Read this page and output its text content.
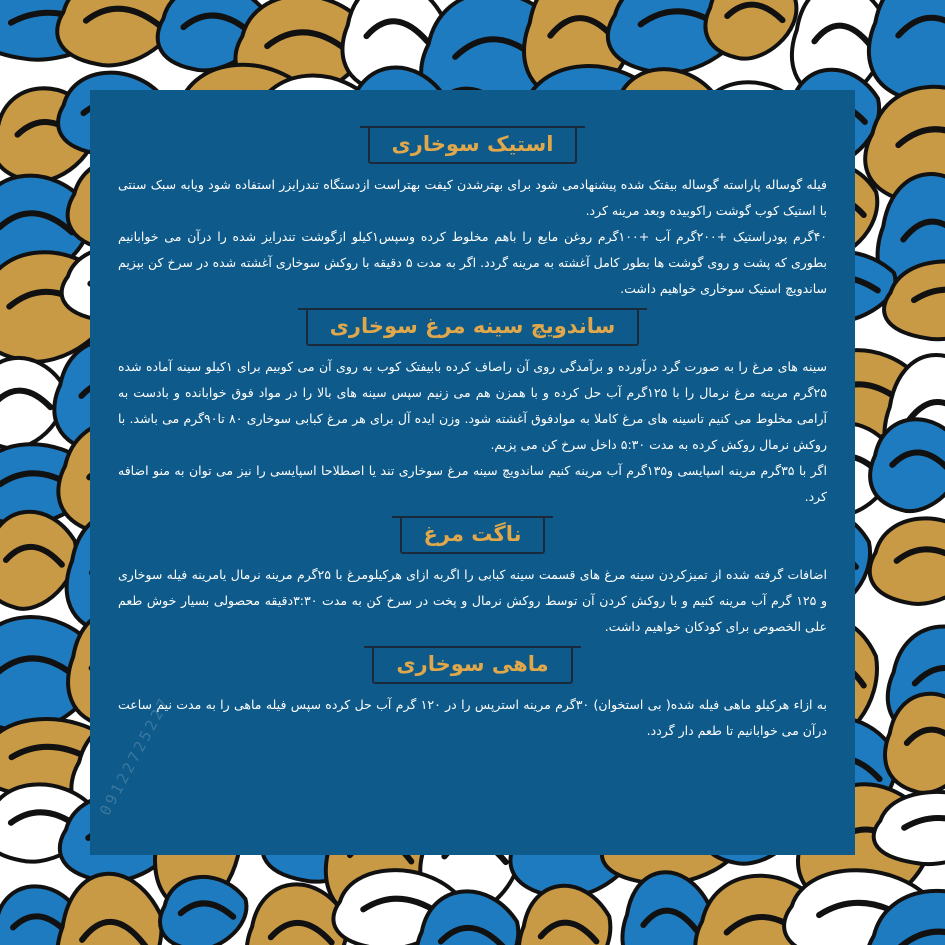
09122725227
استیک سوخاری

فیله گوساله پاراسته گوساله بیفتک شده پیشنهادمی شود برای بهترشدن کیفت بهتراست ازدستگاه تندرایزر استفاده شود ویابه سبک سنتی با استیک کوب گوشت راکوبیده وبعد مرینه کرد.

۴۰گرم پودراستیک +۲۰۰گرم آب +۱۰۰گرم روغن مایع را باهم مخلوط کرده وسپس۱کیلو ازگوشت تندرایز شده را درآن می خوابانیم بطوری که پشت و روی گوشت ها بطور کامل آغشته به مرینه گردد. اگر به مدت ۵ دقیقه با روکش سوخاری آغشته شده در سرخ کن بپزیم ساندویچ استیک سوخاری خواهیم داشت.

ساندویچ سینه مرغ سوخاری

سینه های مرغ را به صورت گرد درآورده و برآمدگی روی آن راصاف کرده بابیفتک کوب به روی آن می کوبیم برای ۱کیلو سینه آماده شده ۲۵گرم مرینه مرغ نرمال را با ۱۲۵گرم آب حل کرده و با همزن هم می زنیم سپس سینه های بالا را در مواد فوق خوابانده و بادست به آرامی مخلوط می کنیم تاسینه های مرغ کاملا به موادفوق آغشته شود. وزن ایده آل برای هر مرغ کبابی سوخاری ۸۰ تا۹۰گرم می باشد. با روکش نرمال روکش کرده به مدت ۵:۳۰ داخل سرخ کن می پزیم.

اگر با ۳۵گرم مرینه اسپایسی و۱۳۵گرم آب مرینه کنیم ساندویچ سینه مرغ سوخاری تند یا اصطلاحا اسپایسی را نیز می توان به منو اضافه کرد.

ناگت مرغ

اضافات گرفته شده از تمیزکردن سینه مرغ های قسمت سینه کبابی را اگربه ازای هرکیلومرغ با ۲۵گرم مرینه نرمال یامرینه فیله سوخاری و ۱۲۵ گرم آب مرینه کنیم و با روکش کردن آن توسط روکش نرمال و پخت در سرخ کن به مدت ۳:۳۰دقیقه محصولی بسیار خوش طعم علی الخصوص برای کودکان خواهیم داشت.

ماهی سوخاری

به ازاء هرکیلو ماهی فیله شده( بی استخوان) ۳۰گرم مرینه استرپس را در ۱۲۰ گرم آب حل کرده سپس فیله ماهی را به مدت نیم ساعت درآن می خوابانیم تا طعم دار گردد.
